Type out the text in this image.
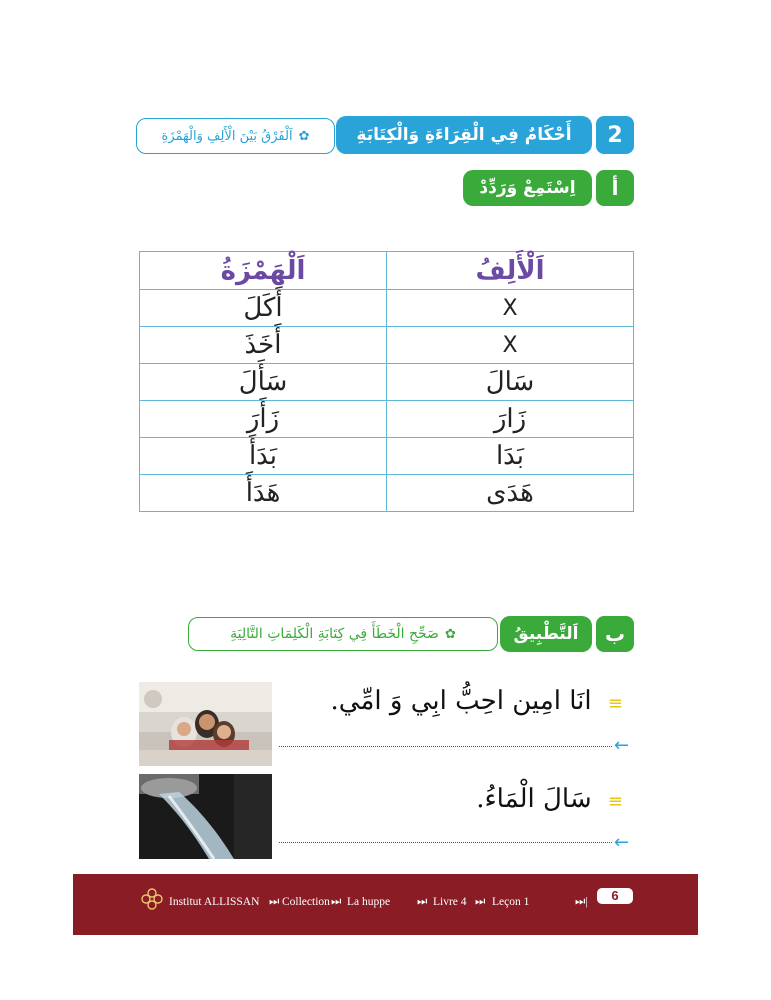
2
أَحْكَامٌ فِي الْقِرَاءَةِ وَالْكِتَابَةِ
✿
اَلْفَرْقُ بَيْنَ الْأَلِفِ وَالْهَمْزَةِ
أ
اِسْتَمِعْ وَرَدِّدْ
اَلْأَلِفُ	اَلْهَمْزَةُ
X	أَكَلَ
X	أَخَذَ
سَالَ	سَأَلَ
زَارَ	زَأَرَ
بَدَا	بَدَأَ
هَدَى	هَدَأَ
ب
اَلتَّطْبِيقُ
✿
صَحِّحِ الْخَطَأَ فِي كِتَابَةِ الْكَلِمَاتِ التَّالِيَةِ
≡ انَا امِين احِبُّ ابِي وَ امِّي.
←
≡ سَالَ الْمَاءُ.
←
Institut ALLISSAN ⏭ Collection ⏭ La huppe ⏭ Livre 4 ⏭ Leçon 1	⏭|	6
